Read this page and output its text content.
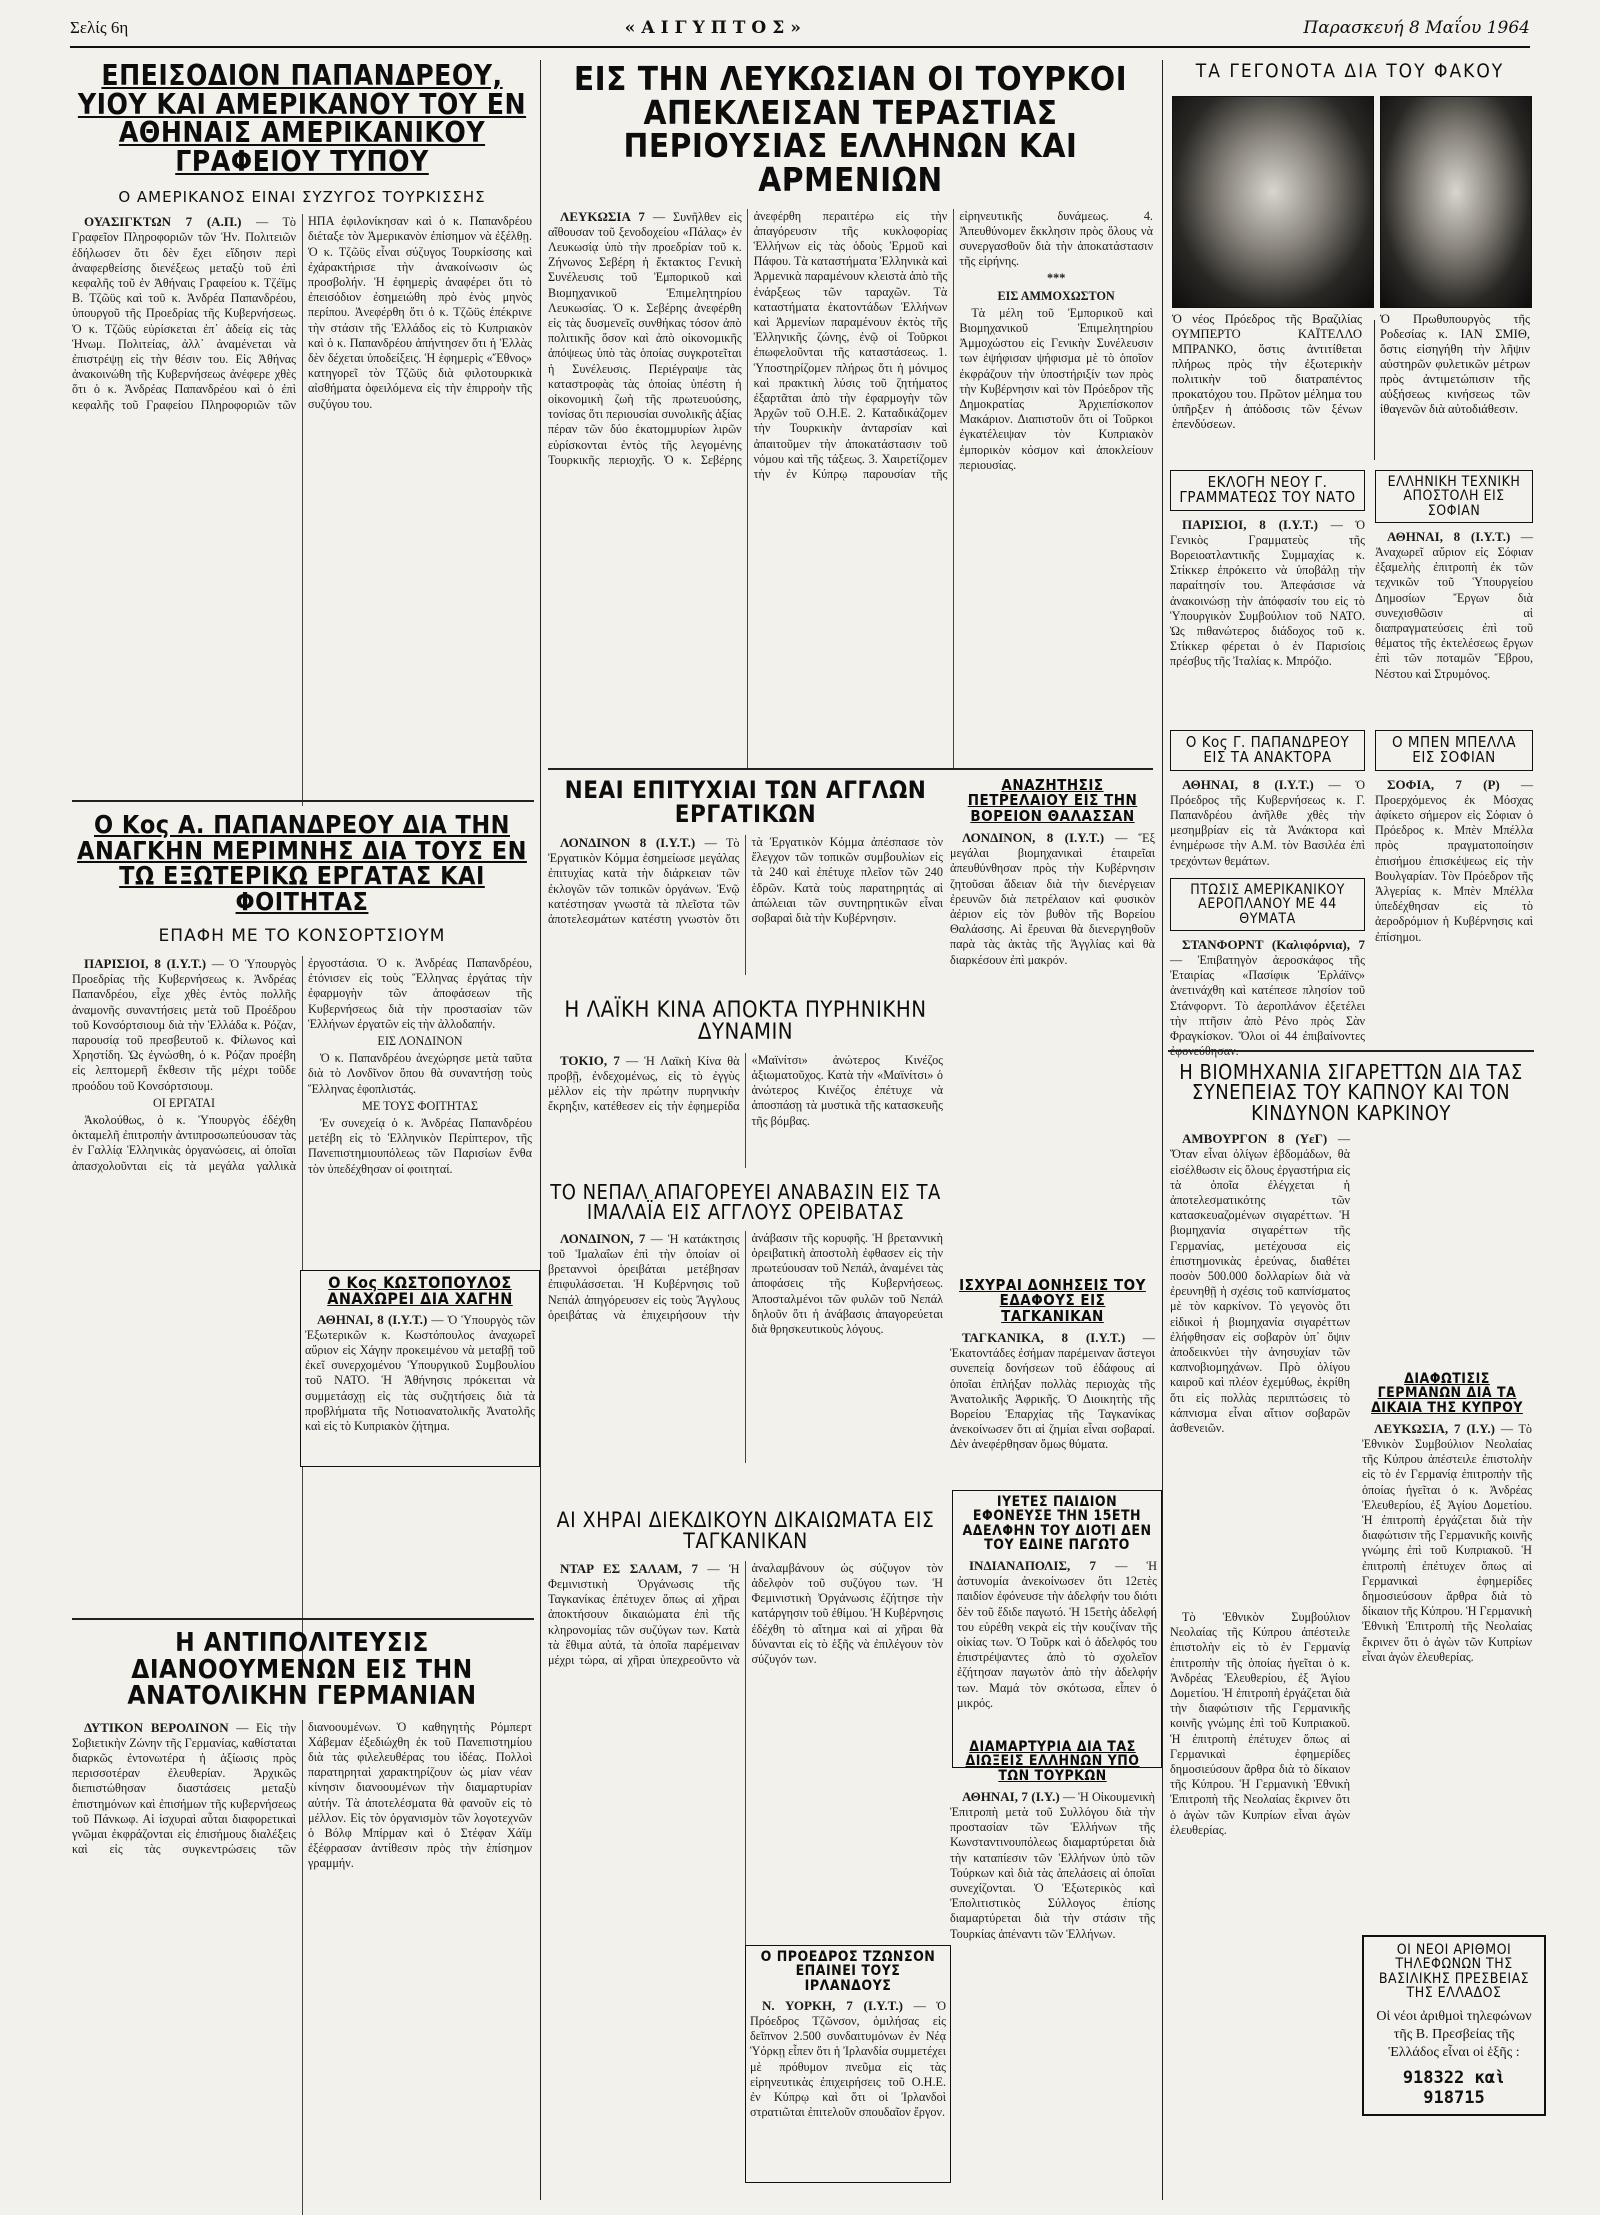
Σελίς 6η	«ΑΙΓΥΠΤΟΣ»	Παρασκευή 8 Μαΐου 1964
ΕΠΕΙΣΟΔΙΟΝ ΠΑΠΑΝΔΡΕΟΥ, ΥΙΟΥ ΚΑΙ ΑΜΕΡΙΚΑΝΟΥ ΤΟΥ ΕΝ ΑΘΗΝΑΙΣ ΑΜΕΡΙΚΑΝΙΚΟΥ ΓΡΑΦΕΙΟΥ ΤΥΠΟΥ
Ο ΑΜΕΡΙΚΑΝΟΣ ΕΙΝΑΙ ΣΥΖΥΓΟΣ ΤΟΥΡΚΙΣΣΗΣ

ΟΥΑΣΙΓΚΤΩΝ 7 (Α.Π.) — Τὸ Γραφεῖον Πληροφοριῶν τῶν Ἡν. Πολιτειῶν ἐδήλωσεν ὅτι δὲν ἔχει εἴδησιν περὶ ἀναφερθείσης διενέξεως μεταξὺ τοῦ ἐπὶ κεφαλῆς τοῦ ἐν Ἀθήναις Γραφείου κ. Τζέϊμς Β. Τζῶϋς καὶ τοῦ κ. Ἀνδρέα Παπανδρέου, ὑπουργοῦ τῆς Προεδρίας τῆς Κυβερνήσεως. Ὁ κ. Τζῶϋς εὑρίσκεται ἐπ᾽ ἀδείᾳ εἰς τὰς Ἡνωμ. Πολιτείας, ἀλλ᾽ ἀναμένεται νὰ ἐπιστρέψῃ εἰς τὴν θέσιν του. Εἰς Ἀθήνας ἀνακοινώθη τῆς Κυβερνήσεως ἀνέφερε χθὲς ὅτι ὁ κ. Ἀνδρέας Παπανδρέου καὶ ὁ ἐπὶ κεφαλῆς τοῦ Γραφείου Πληροφοριῶν τῶν ΗΠΑ ἐφιλονίκησαν καὶ ὁ κ. Παπανδρέου διέταξε τὸν Ἀμερικανὸν ἐπίσημον νὰ ἐξέλθῃ. Ὁ κ. Τζῶϋς εἶναι σύζυγος Τουρκίσσης καὶ ἐχάρακτήρισε τὴν ἀνακοίνωσιν ὡς προσβολήν. Ἡ ἐφημερὶς ἀναφέρει ὅτι τὸ ἐπεισόδιον ἐσημειώθη πρὸ ἑνὸς μηνὸς περίπου. Ἀνεφέρθη ὅτι ὁ κ. Τζῶϋς ἐπέκρινε τὴν στάσιν τῆς Ἑλλάδος εἰς τὸ Κυπριακὸν καὶ ὁ κ. Παπανδρέου ἀπήντησεν ὅτι ἡ Ἑλλὰς δὲν δέχεται ὑποδείξεις. Ἡ ἐφημερὶς «Ἔθνος» κατηγορεῖ τὸν Τζῶϋς διὰ φιλοτουρκικὰ αἰσθήματα ὀφειλόμενα εἰς τὴν ἐπιρροὴν τῆς συζύγου του.

ΕΙΣ ΤΗΝ ΛΕΥΚΩΣΙΑΝ ΟΙ ΤΟΥΡΚΟΙ ΑΠΕΚΛΕΙΣΑΝ ΤΕΡΑΣΤΙΑΣ ΠΕΡΙΟΥΣΙΑΣ ΕΛΛΗΝΩΝ ΚΑΙ ΑΡΜΕΝΙΩΝ

ΛΕΥΚΩΣΙΑ 7 — Συνῆλθεν εἰς αἴθουσαν τοῦ ξενοδοχείου «Πάλας» ἐν Λευκωσίᾳ ὑπὸ τὴν προεδρίαν τοῦ κ. Ζήνωνος Σεβέρη ἡ ἔκτακτος Γενικὴ Συνέλευσις τοῦ Ἐμπορικοῦ καὶ Βιομηχανικοῦ Ἐπιμελητηρίου Λευκωσίας. Ὁ κ. Σεβέρης ἀνεφέρθη εἰς τὰς δυσμενεῖς συνθήκας τόσον ἀπὸ πολιτικῆς ὅσον καὶ ἀπὸ οἰκονομικῆς ἀπόψεως ὑπὸ τὰς ὁποίας συγκροτεῖται ἡ Συνέλευσις. Περιέγραψε τὰς καταστροφὰς τὰς ὁποίας ὑπέστη ἡ οἰκονομικὴ ζωὴ τῆς πρωτευούσης, τονίσας ὅτι περιουσίαι συνολικῆς ἀξίας πέραν τῶν δύο ἑκατομμυρίων λιρῶν εὑρίσκονται ἐντὸς τῆς λεγομένης Τουρκικῆς περιοχῆς. Ὁ κ. Σεβέρης ἀνεφέρθη περαιτέρω εἰς τὴν ἀπαγόρευσιν τῆς κυκλοφορίας Ἑλλήνων εἰς τὰς ὁδοὺς Ἑρμοῦ καὶ Πάφου. Τὰ καταστήματα Ἑλληνικὰ καὶ Ἀρμενικὰ παραμένουν κλειστὰ ἀπὸ τῆς ἐνάρξεως τῶν ταραχῶν. Τὰ καταστήματα ἑκατοντάδων Ἑλλήνων καὶ Ἀρμενίων παραμένουν ἐκτὸς τῆς Ἑλληνικῆς ζώνης, ἐνῷ οἱ Τοῦρκοι ἐπωφελοῦνται τῆς καταστάσεως. 1. Ὑποστηρίζομεν πλήρως ὅτι ἡ μόνιμος καὶ πρακτικὴ λύσις τοῦ ζητήματος ἐξαρτᾶται ἀπὸ τὴν ἐφαρμογὴν τῶν Ἀρχῶν τοῦ Ο.Η.Ε. 2. Καταδικάζομεν τὴν Τουρκικὴν ἀνταρσίαν καὶ ἀπαιτοῦμεν τὴν ἀποκατάστασιν τοῦ νόμου καὶ τῆς τάξεως. 3. Χαιρετίζομεν τὴν ἐν Κύπρῳ παρουσίαν τῆς εἰρηνευτικῆς δυνάμεως. 4. Ἀπευθύνομεν ἔκκλησιν πρὸς ὅλους νὰ συνεργασθοῦν διὰ τὴν ἀποκατάστασιν τῆς εἰρήνης.

***

ΕΙΣ ΑΜΜΟΧΩΣΤΟΝ

Τὰ μέλη τοῦ Ἐμπορικοῦ καὶ Βιομηχανικοῦ Ἐπιμελητηρίου Ἀμμοχώστου εἰς Γενικὴν Συνέλευσιν των ἐψήφισαν ψήφισμα μὲ τὸ ὁποῖον ἐκφράζουν τὴν ὑποστήριξίν των πρὸς τὴν Κυβέρνησιν καὶ τὸν Πρόεδρον τῆς Δημοκρατίας Ἀρχιεπίσκοπον Μακάριον. Διαπιστοῦν ὅτι οἱ Τοῦρκοι ἐγκατέλειψαν τὸν Κυπριακὸν ἐμπορικὸν κόσμον καὶ ἀποκλείουν περιουσίας.

Ο Κος Α. ΠΑΠΑΝΔΡΕΟΥ ΔΙΑ ΤΗΝ ΑΝΑΓΚΗΝ ΜΕΡΙΜΝΗΣ ΔΙΑ ΤΟΥΣ ΕΝ ΤΩ ΕΞΩΤΕΡΙΚΩ ΕΡΓΑΤΑΣ ΚΑΙ ΦΟΙΤΗΤΑΣ
ΕΠΑΦΗ ΜΕ ΤΟ ΚΟΝΣΟΡΤΣΙΟΥΜ

ΠΑΡΙΣΙΟΙ, 8 (Ι.Υ.Τ.) — Ὁ Ὑπουργὸς Προεδρίας τῆς Κυβερνήσεως κ. Ἀνδρέας Παπανδρέου, εἶχε χθὲς ἐντὸς πολλῆς ἀναμονῆς συναντήσεις μετὰ τοῦ Προέδρου τοῦ Κονσόρτσιουμ διὰ τὴν Ἑλλάδα κ. Ρόζαν, παρουσίᾳ τοῦ πρεσβευτοῦ κ. Φίλωνος καὶ Χρηστίδη. Ὡς ἐγνώσθη, ὁ κ. Ρόζαν προέβη εἰς λεπτομερῆ ἔκθεσιν τῆς μέχρι τοῦδε προόδου τοῦ Κονσόρτσιουμ.

ΟΙ ΕΡΓΑΤΑΙ

Ἀκολούθως, ὁ κ. Ὑπουργὸς ἐδέχθη ὀκταμελῆ ἐπιτροπὴν ἀντιπροσωπεύουσαν τὰς ἐν Γαλλίᾳ Ἑλληνικὰς ὀργανώσεις, αἱ ὁποῖαι ἀπασχολοῦνται εἰς τὰ μεγάλα γαλλικὰ ἐργοστάσια. Ὁ κ. Ἀνδρέας Παπανδρέου, ἐτόνισεν εἰς τοὺς Ἕλληνας ἐργάτας τὴν ἐφαρμογὴν τῶν ἀποφάσεων τῆς Κυβερνήσεως διὰ τὴν προστασίαν τῶν Ἑλλήνων ἐργατῶν εἰς τὴν ἀλλοδαπήν.

ΕΙΣ ΛΟΝΔΙΝΟΝ

Ὁ κ. Παπανδρέου ἀνεχώρησε μετὰ ταῦτα διὰ τὸ Λονδῖνον ὅπου θὰ συναντήσῃ τοὺς Ἕλληνας ἐφοπλιστάς.

ΜΕ ΤΟΥΣ ΦΟΙΤΗΤΑΣ

Ἐν συνεχείᾳ ὁ κ. Ἀνδρέας Παπανδρέου μετέβη εἰς τὸ Ἑλληνικὸν Περίπτερον, τῆς Πανεπιστημιουπόλεως τῶν Παρισίων ἔνθα τὸν ὑπεδέχθησαν οἱ φοιτηταί.

Ο Κος ΚΩΣΤΟΠΟΥΛΟΣ ΑΝΑΧΩΡΕΙ ΔΙΑ ΧΑΓΗΝ

ΑΘΗΝΑΙ, 8 (Ι.Υ.Τ.) — Ὁ Ὑπουργὸς τῶν Ἐξωτερικῶν κ. Κωστόπουλος ἀναχωρεῖ αὔριον εἰς Χάγην προκειμένου νὰ μεταβῇ τοῦ ἐκεῖ συνερχομένου Ὑπουργικοῦ Συμβουλίου τοῦ NATO. Ἡ Ἀθήνησις πρόκειται νὰ συμμετάσχῃ εἰς τὰς συζητήσεις διὰ τὰ προβλήματα τῆς Νοτιοανατολικῆς Ἀνατολῆς καὶ εἰς τὸ Κυπριακὸν ζήτημα.

Η ΑΝΤΙΠΟΛΙΤΕΥΣΙΣ ΔΙΑΝΟΟΥΜΕΝΩΝ ΕΙΣ ΤΗΝ ΑΝΑΤΟΛΙΚΗΝ ΓΕΡΜΑΝΙΑΝ

ΔΥΤΙΚΟΝ ΒΕΡΟΛΙΝΟΝ — Εἰς τὴν Σοβιετικὴν Ζώνην τῆς Γερμανίας, καθίσταται διαρκῶς ἐντονωτέρα ἡ ἀξίωσις πρὸς περισσοτέραν ἐλευθερίαν. Ἀρχικῶς διεπιστώθησαν διαστάσεις μεταξὺ ἐπιστημόνων καὶ ἐπισήμων τῆς κυβερνήσεως τοῦ Πάνκωφ. Αἱ ἰσχυραὶ αὗται διαφορετικαὶ γνῶμαι ἐκφράζονται εἰς ἐπισήμους διαλέξεις καὶ εἰς τὰς συγκεντρώσεις τῶν διανοουμένων. Ὁ καθηγητὴς Ρόμπερτ Χάβεμαν ἐξεδιώχθη ἐκ τοῦ Πανεπιστημίου διὰ τὰς φιλελευθέρας του ἰδέας. Πολλοὶ παρατηρηταὶ χαρακτηρίζουν ὡς μίαν νέαν κίνησιν διανοουμένων τὴν διαμαρτυρίαν αὐτήν. Τὰ ἀποτελέσματα θὰ φανοῦν εἰς τὸ μέλλον. Εἰς τὸν ὀργανισμὸν τῶν λογοτεχνῶν ὁ Βόλφ Μπίρμαν καὶ ὁ Στέφαν Χάϊμ ἐξέφρασαν ἀντίθεσιν πρὸς τὴν ἐπίσημον γραμμήν.

ΝΕΑΙ ΕΠΙΤΥΧΙΑΙ ΤΩΝ ΑΓΓΛΩΝ ΕΡΓΑΤΙΚΩΝ

ΛΟΝΔΙΝΟΝ 8 (Ι.Υ.Τ.) — Τὸ Ἐργατικὸν Κόμμα ἐσημείωσε μεγάλας ἐπιτυχίας κατὰ τὴν διάρκειαν τῶν ἐκλογῶν τῶν τοπικῶν ὀργάνων. Ἐνῷ κατέστησαν γνωστὰ τὰ πλεῖστα τῶν ἀποτελεσμάτων κατέστη γνωστὸν ὅτι τὰ Ἐργατικὸν Κόμμα ἀπέσπασε τὸν ἔλεγχον τῶν τοπικῶν συμβουλίων εἰς τὰ 240 καὶ ἐπέτυχε πλεῖον τῶν 240 ἑδρῶν. Κατὰ τοὺς παρατηρητάς αἱ ἀπώλειαι τῶν συντηρητικῶν εἶναι σοβαραὶ διὰ τὴν Κυβέρνησιν.

ΑΝΑΖΗΤΗΣΙΣ ΠΕΤΡΕΛΑΙΟΥ ΕΙΣ ΤΗΝ ΒΟΡΕΙΟΝ ΘΑΛΑΣΣΑΝ

ΛΟΝΔΙΝΟΝ, 8 (Ι.Υ.Τ.) — Ἕξ μεγάλαι βιομηχανικαὶ ἑταιρεῖαι ἀπευθύνθησαν πρὸς τὴν Κυβέρνησιν ζητοῦσαι ἄδειαν διὰ τὴν διενέργειαν ἐρευνῶν διὰ πετρέλαιον καὶ φυσικὸν ἀέριον εἰς τὸν βυθὸν τῆς Βορείου Θαλάσσης. Αἱ ἔρευναι θὰ διενεργηθοῦν παρὰ τὰς ἀκτὰς τῆς Ἀγγλίας καὶ θὰ διαρκέσουν ἐπὶ μακρόν.

Η ΛΑΪΚΗ ΚΙΝΑ ΑΠΟΚΤΑ ΠΥΡΗΝΙΚΗΝ ΔΥΝΑΜΙΝ

ΤΟΚΙΟ, 7 — Ἡ Λαϊκὴ Κίνα θὰ προβῇ, ἐνδεχομένως, εἰς τὸ ἐγγὺς μέλλον εἰς τὴν πρώτην πυρηνικὴν ἔκρηξιν, κατέθεσεν εἰς τὴν ἐφημερίδα «Μαϊνίτσι» ἀνώτερος Κινέζος ἀξιωματοῦχος. Κατὰ τὴν «Μαϊνίτσι» ὁ ἀνώτερος Κινέζος ἐπέτυχε νὰ ἀποσπάσῃ τὰ μυστικὰ τῆς κατασκευῆς τῆς βόμβας.

ΤΟ ΝΕΠΑΛ ΑΠΑΓΟΡΕΥΕΙ ΑΝΑΒΑΣΙΝ ΕΙΣ ΤΑ ΙΜΑΛΑΪΑ ΕΙΣ ΑΓΓΛΟΥΣ ΟΡΕΙΒΑΤΑΣ

ΛΟΝΔΙΝΟΝ, 7 — Ἡ κατάκτησις τοῦ Ἱμαλαΐων ἐπὶ τὴν ὁποίαν οἱ βρεταννοὶ ὁρειβάται μετέβησαν ἐπιφυλάσσεται. Ἡ Κυβέρνησις τοῦ Νεπάλ ἀπηγόρευσεν εἰς τοὺς Ἄγγλους ὁρειβάτας νὰ ἐπιχειρήσουν τὴν ἀνάβασιν τῆς κορυφῆς. Ἡ βρεταννικὴ ὀρειβατικὴ ἀποστολὴ ἐφθασεν εἰς τὴν πρωτεύουσαν τοῦ Νεπάλ, ἀναμένει τὰς ἀποφάσεις τῆς Κυβερνήσεως. Ἀποσταλμένοι τῶν φυλῶν τοῦ Νεπάλ δηλοῦν ὅτι ἡ ἀνάβασις ἀπαγορεύεται διὰ θρησκευτικοὺς λόγους.

ΑΙ ΧΗΡΑΙ ΔΙΕΚΔΙΚΟΥΝ ΔΙΚΑΙΩΜΑΤΑ ΕΙΣ ΤΑΓΚΑΝΙΚΑΝ

ΝΤΑΡ ΕΣ ΣΑΛΑΜ, 7 — Ἡ Φεμινιστικὴ Ὀργάνωσις τῆς Ταγκανίκας ἐπέτυχεν ὅπως αἱ χῆραι ἀποκτήσουν δικαιώματα ἐπὶ τῆς κληρονομίας τῶν συζύγων των. Κατὰ τὰ ἔθιμα αὐτά, τὰ ὁποῖα παρέμειναν μέχρι τώρα, αἱ χῆραι ὑπεχρεοῦντο νὰ ἀναλαμβάνουν ὡς σύζυγον τὸν ἀδελφὸν τοῦ συζύγου των. Ἡ Φεμινιστικὴ Ὀργάνωσις ἐζήτησε τὴν κατάργησιν τοῦ ἐθίμου. Ἡ Κυβέρνησις ἐδέχθη τὸ αἴτημα καὶ αἱ χῆραι θὰ δύνανται εἰς τὸ ἑξῆς νὰ ἐπιλέγουν τὸν σύζυγόν των.

ΙΣΧΥΡΑΙ ΔΟΝΗΣΕΙΣ ΤΟΥ ΕΔΑΦΟΥΣ ΕΙΣ ΤΑΓΚΑΝΙΚΑΝ

ΤΑΓΚΑΝΙΚΑ, 8 (Ι.Υ.Τ.) — Ἑκατοντάδες ἐσήμαν παρέμειναν ἄστεγοι συνεπείᾳ δονήσεων τοῦ ἐδάφους αἱ ὁποῖαι ἐπλήξαν πολλὰς περιοχὰς τῆς Ἀνατολικῆς Ἀφρικῆς. Ὁ Διοικητὴς τῆς Βορείου Ἐπαρχίας τῆς Ταγκανίκας ἀνεκοίνωσεν ὅτι αἱ ζημίαι εἶναι σοβαραί. Δὲν ἀνεφέρθησαν ὅμως θύματα.

ΙΥΕΤΕΣ ΠΑΙΔΙΟΝ ΕΦΟΝΕΥΣΕ ΤΗΝ 15ΕΤΗ ΑΔΕΛΦΗΝ ΤΟΥ ΔΙΟΤΙ ΔΕΝ ΤΟΥ ΕΔΙΝΕ ΠΑΓΩΤΟ

ΙΝΔΙΑΝΑΠΟΛΙΣ, 7 — Ἡ ἀστυνομία ἀνεκοίνωσεν ὅτι 12ετὲς παιδίον ἐφόνευσε τὴν ἀδελφήν του διότι δὲν τοῦ ἔδιδε παγωτό. Ἡ 15ετὴς ἀδελφή του εὑρέθη νεκρὰ εἰς τὴν κουζίναν τῆς οἰκίας των. Ὁ Τοῦρκ καὶ ὁ ἀδελφός του ἐπιστρέψαντες ἀπὸ τὸ σχολεῖον ἐζήτησαν παγωτὸν ἀπὸ τὴν ἀδελφήν των. Μαμά τὸν σκότωσα, εἶπεν ὁ μικρός.

ΔΙΑΜΑΡΤΥΡΙΑ ΔΙΑ ΤΑΣ ΔΙΩΞΕΙΣ ΕΛΛΗΝΩΝ ΥΠΟ ΤΩΝ ΤΟΥΡΚΩΝ

ΑΘΗΝΑΙ, 7 (Ι.Υ.) — Ἡ Οἰκουμενικὴ Ἐπιτροπὴ μετὰ τοῦ Συλλόγου διὰ τὴν προστασίαν τῶν Ἑλλήνων τῆς Κωνσταντινουπόλεως διαμαρτύρεται διὰ τὴν καταπίεσιν τῶν Ἑλλήνων ὑπὸ τῶν Τούρκων καὶ διὰ τὰς ἀπελάσεις αἱ ὁποῖαι συνεχίζονται. Ὁ Ἐξωτερικὸς καὶ Ἐπολιτιστικὸς Σύλλογος ἐπίσης διαμαρτύρεται διὰ τὴν στάσιν τῆς Τουρκίας ἀπέναντι τῶν Ἑλλήνων.

Ο ΠΡΟΕΔΡΟΣ ΤΖΩΝΣΟΝ ΕΠΑΙΝΕΙ ΤΟΥΣ ΙΡΛΑΝΔΟΥΣ

Ν. ΥΟΡΚΗ, 7 (Ι.Υ.Τ.) — Ὁ Πρόεδρος Τζῶνσον, ὁμιλήσας εἰς δεῖπνον 2.500 συνδαιτυμόνων ἐν Νέᾳ Ὑόρκῃ εἶπεν ὅτι ἡ Ἰρλανδία συμμετέχει μὲ πρόθυμον πνεῦμα εἰς τὰς εἰρηνευτικὰς ἐπιχειρήσεις τοῦ Ο.Η.Ε. ἐν Κύπρῳ καὶ ὅτι οἱ Ἰρλανδοὶ στρατιῶται ἐπιτελοῦν σπουδαῖον ἔργον.

ΤΑ ΓΕΓΟΝΟΤΑ ΔΙΑ ΤΟΥ ΦΑΚΟΥ
Ὁ νέος Πρόεδρος τῆς Βραζιλίας ΟΥΜΠΕΡΤΟ ΚΑΪΤΕΛΛΟ ΜΠΡΑΝΚΟ, ὅστις ἀντιτίθεται πλήρως πρὸς τὴν ἐξωτερικὴν πολιτικὴν τοῦ διατραπέντος προκατόχου του. Πρῶτον μέλημα του ὑπῆρξεν ἡ ἀπόδοσις τῶν ξένων ἐπενδύσεων.
Ὁ Πρωθυπουργὸς τῆς Ροδεσίας κ. ΙΑΝ ΣΜΙΘ, ὅστις εἰσηγήθη τὴν λῆψιν αὐστηρῶν φυλετικῶν μέτρων πρὸς ἀντιμετώπισιν τῆς αὐξήσεως κινήσεως τῶν ἰθαγενῶν διὰ αὐτοδιάθεσιν.
ΕΚΛΟΓΗ ΝΕΟΥ Γ. ΓΡΑΜΜΑΤΕΩΣ ΤΟΥ ΝΑΤΟ

ΠΑΡΙΣΙΟΙ, 8 (Ι.Υ.Τ.) — Ὁ Γενικὸς Γραμματεὺς τῆς Βορειοατλαντικῆς Συμμαχίας κ. Στίκκερ ἐπρόκειτο νὰ ὑποβάλῃ τὴν παραίτησίν του. Ἀπεφάσισε νὰ ἀνακοινώσῃ τὴν ἀπόφασίν του εἰς τὸ Ὑπουργικὸν Συμβούλιον τοῦ NATO. Ὡς πιθανώτερος διάδοχος τοῦ κ. Στίκκερ φέρεται ὁ ἐν Παρισίοις πρέσβυς τῆς Ἰταλίας κ. Μπρόζιο.

ΕΛΛΗΝΙΚΗ ΤΕΧΝΙΚΗ ΑΠΟΣΤΟΛΗ ΕΙΣ ΣΟΦΙΑΝ

ΑΘΗΝΑΙ, 8 (Ι.Υ.Τ.) — Ἀναχωρεῖ αὔριον εἰς Σόφιαν ἐξαμελὴς ἐπιτροπὴ ἐκ τῶν τεχνικῶν τοῦ Ὑπουργείου Δημοσίων Ἔργων διὰ συνεχισθῶσιν αἱ διαπραγματεύσεις ἐπὶ τοῦ θέματος τῆς ἐκτελέσεως ἔργων ἐπὶ τῶν ποταμῶν Ἔβρου, Νέστου καὶ Στρυμόνος.

Ο Κος Γ. ΠΑΠΑΝΔΡΕΟΥ ΕΙΣ ΤΑ ΑΝΑΚΤΟΡΑ

ΑΘΗΝΑΙ, 8 (Ι.Υ.Τ.) — Ὁ Πρόεδρος τῆς Κυβερνήσεως κ. Γ. Παπανδρέου ἀνῆλθε χθὲς τὴν μεσημβρίαν εἰς τὰ Ἀνάκτορα καὶ ἐνημέρωσε τὴν Α.Μ. τὸν Βασιλέα ἐπὶ τρεχόντων θεμάτων.

Ο ΜΠΕΝ ΜΠΕΛΛΑ ΕΙΣ ΣΟΦΙΑΝ

ΣΟΦΙΑ, 7 (Ρ) — Προερχόμενος ἐκ Μόσχας ἀφίκετο σήμερον εἰς Σόφιαν ὁ Πρόεδρος κ. Μπὲν Μπέλλα πρὸς πραγματοποίησιν ἐπισήμου ἐπισκέψεως εἰς τὴν Βουλγαρίαν. Τὸν Πρόεδρον τῆς Ἀλγερίας κ. Μπὲν Μπέλλα ὑπεδέχθησαν εἰς τὸ ἀεροδρόμιον ἡ Κυβέρνησις καὶ ἐπίσημοι.

ΠΤΩΣΙΣ ΑΜΕΡΙΚΑΝΙΚΟΥ ΑΕΡΟΠΛΑΝΟΥ ΜΕ 44 ΘΥΜΑΤΑ

ΣΤΑΝΦΟΡΝΤ (Καλιφόρνια), 7 — Ἐπιβατηγὸν ἀεροσκάφος τῆς Ἐταιρίας «Πασίφικ Ἐρλάϊνς» ἀνετινάχθη καὶ κατέπεσε πλησίον τοῦ Στάνφορντ. Τὸ ἀεροπλάνον ἐξετέλει τὴν πτῆσιν ἀπὸ Ρένο πρὸς Σὰν Φραγκίσκον. Ὅλοι οἱ 44 ἐπιβαίνοντες

Η ΒΙΟΜΗΧΑΝΙΑ ΣΙΓΑΡΕΤΤΩΝ ΔΙΑ ΤΑΣ ΣΥΝΕΠΕΙΑΣ ΤΟΥ ΚΑΠΝΟΥ ΚΑΙ ΤΟΝ ΚΙΝΔΥΝΟΝ ΚΑΡΚΙΝΟΥ

ΑΜΒΟΥΡΓΟΝ 8 (ΥεΓ) — Ὅταν εἶναι ὀλίγων ἑβδομάδων, θὰ εἰσέλθωσιν εἰς ὅλους ἐργαστήρια εἰς τὰ ὁποῖα ἐλέγχεται ἡ ἀποτελεσματικότης τῶν κατασκευαζομένων σιγαρέττων. Ἡ βιομηχανία σιγαρέττων τῆς Γερμανίας, μετέχουσα εἰς ἐπιστημονικὰς ἐρεύνας, διαθέτει ποσὸν 500.000 δολλαρίων διὰ νὰ ἐρευνηθῇ ἡ σχέσις τοῦ καπνίσματος μὲ τὸν καρκίνον. Τὸ γεγονὸς ὅτι εἰδικοὶ ἡ βιομηχανία σιγαρέττων ἐλήφθησαν εἰς σοβαρὸν ὑπ᾽ ὄψιν ἀποδεικνύει τὴν ἀνησυχίαν τῶν καπνοβιομηχάνων. Πρὸ ὀλίγου καιροῦ καὶ πλέον ἐχεμύθως, ἐκρίθη ὅτι εἰς πολλὰς περιπτώσεις τὸ κάπνισμα εἶναι αἴτιον σοβαρῶν ἀσθενειῶν.

ΔΙΑΦΩΤΙΣΙΣ ΓΕΡΜΑΝΩΝ ΔΙΑ ΤΑ ΔΙΚΑΙΑ ΤΗΣ ΚΥΠΡΟΥ

ΛΕΥΚΩΣΙΑ, 7 (Ι.Υ.) — Τὸ Ἐθνικὸν Συμβούλιον Νεολαίας τῆς Κύπρου ἀπέστειλε ἐπιστολὴν εἰς τὸ ἐν Γερμανίᾳ ἐπιτροπὴν τῆς ὁποίας ἡγεῖται ὁ κ. Ἀνδρέας Ἐλευθερίου, ἐξ Ἁγίου Δομετίου. Ἡ ἐπιτροπὴ ἐργάζεται διὰ τὴν διαφώτισιν τῆς Γερμανικῆς κοινῆς γνώμης ἐπὶ τοῦ Κυπριακοῦ. Ἡ ἐπιτροπὴ ἐπέτυχεν ὅπως αἱ Γερμανικαὶ ἐφημερίδες δημοσιεύσουν ἄρθρα διὰ τὸ δίκαιον τῆς Κύπρου. Ἡ Γερμανικὴ Ἐθνικὴ Ἐπιτροπὴ τῆς Νεολαίας ἔκρινεν ὅτι ὁ ἀγὼν τῶν Κυπρίων εἶναι ἀγὼν ἐλευθερίας.

ΟΙ ΝΕΟΙ ΑΡΙΘΜΟΙ ΤΗΛΕΦΩΝΩΝ ΤΗΣ ΒΑΣΙΛΙΚΗΣ ΠΡΕΣΒΕΙΑΣ ΤΗΣ ΕΛΛΑΔΟΣ
Οἱ νέοι ἀριθμοὶ τηλεφώνων τῆς Β. Πρεσβείας τῆς Ἑλλάδος εἶναι οἱ ἑξῆς :
918322 καὶ 918715

Τὸ Ἐθνικὸν Συμβούλιον Νεολαίας τῆς Κύπρου ἀπέστειλε ἐπιστολὴν εἰς τὸ ἐν Γερμανίᾳ ἐπιτροπὴν τῆς ὁποίας ἡγεῖται ὁ κ. Ἀνδρέας Ἐλευθερίου, ἐξ Ἁγίου Δομετίου. Ἡ ἐπιτροπὴ ἐργάζεται διὰ τὴν διαφώτισιν τῆς Γερμανικῆς κοινῆς γνώμης ἐπὶ τοῦ Κυπριακοῦ. Ἡ ἐπιτροπὴ ἐπέτυχεν ὅπως αἱ Γερμανικαὶ ἐφημερίδες δημοσιεύσουν ἄρθρα διὰ τὸ δίκαιον τῆς Κύπρου. Ἡ Γερμανικὴ Ἐθνικὴ Ἐπιτροπὴ τῆς Νεολαίας ἔκρινεν ὅτι ὁ ἀγὼν τῶν Κυπρίων εἶναι ἀγὼν ἐλευθερίας.
